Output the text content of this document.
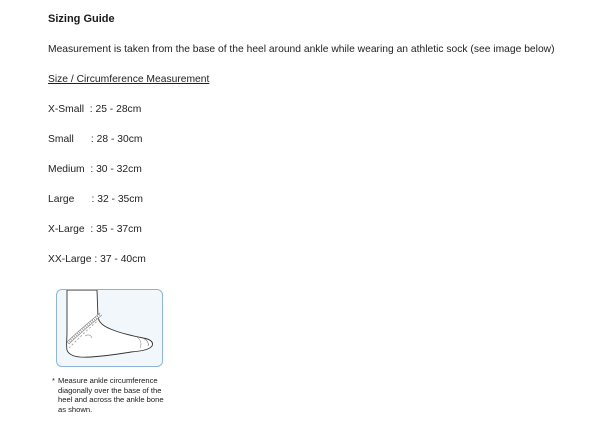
Sizing Guide
Measurement is taken from the base of the heel around ankle while wearing an athletic sock (see image below)
Size / Circumference Measurement
X-Small  : 25 - 28cm
Small      : 28 - 30cm
Medium  : 30 - 32cm
Large      : 32 - 35cm
X-Large  : 35 - 37cm
XX-Large : 37 - 40cm
* Measure ankle circumference diagonally over the base of the heel and across the ankle bone as shown.
